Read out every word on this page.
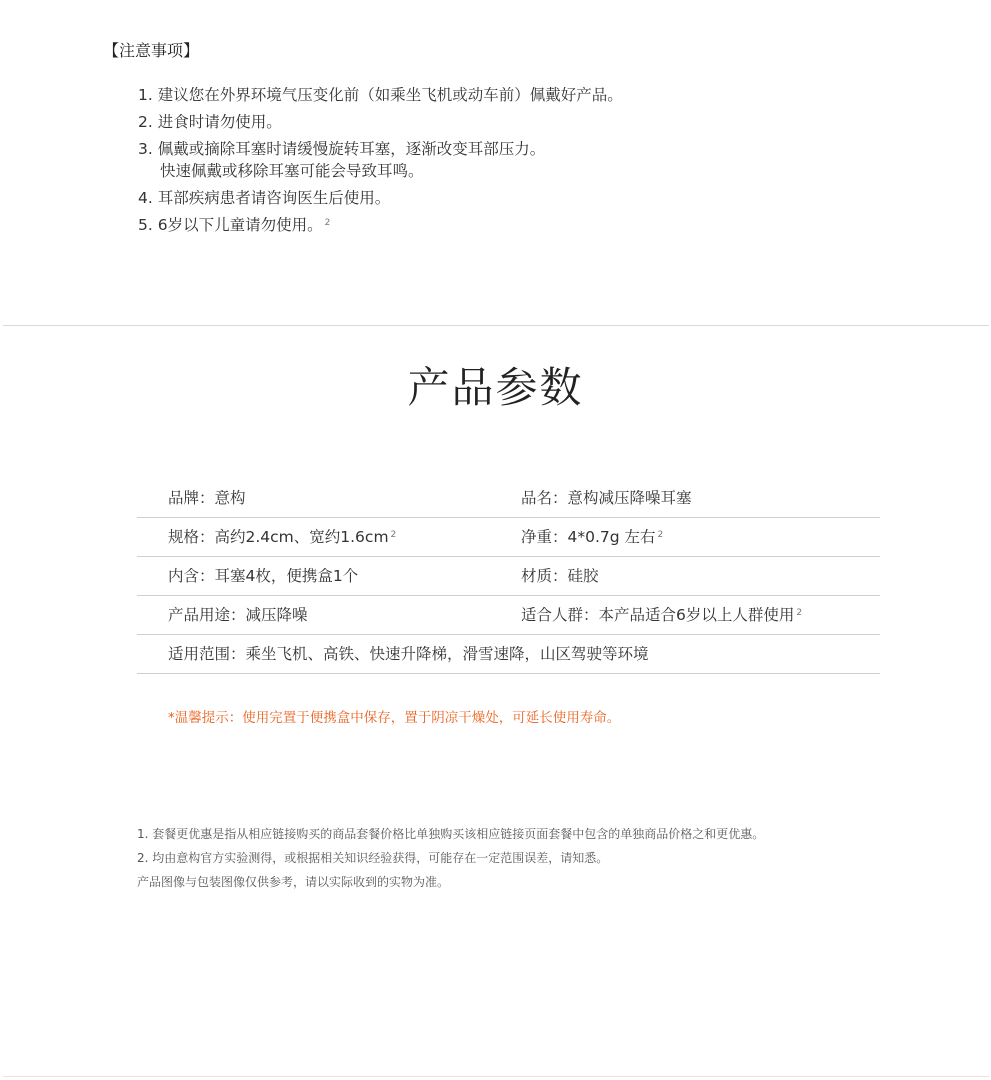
【注意事项】
1. 建议您在外界环境气压变化前（如乘坐飞机或动车前）佩戴好产品。
2. 进食时请勿使用。
3. 佩戴或摘除耳塞时请缓慢旋转耳塞，逐渐改变耳部压力。
快速佩戴或移除耳塞可能会导致耳鸣。
4. 耳部疾病患者请咨询医生后使用。
5. 6岁以下儿童请勿使用。 $^2$
产品参数
品牌：意构	品名：意构减压降噪耳塞
规格：高约2.4cm、宽约1.6cm $^2$	净重：4*0.7g 左右 $^2$
内含：耳塞4枚，便携盒1个	材质：硅胶
产品用途：减压降噪	适合人群：本产品适合6岁以上人群使用 $^2$
适用范围：乘坐飞机、高铁、快速升降梯，滑雪速降，山区驾驶等环境
*温馨提示：使用完置于便携盒中保存，置于阴凉干燥处，可延长使用寿命。
1. 套餐更优惠是指从相应链接购买的商品套餐价格比单独购买该相应链接页面套餐中包含的单独商品价格之和更优惠。
2. 均由意构官方实验测得，或根据相关知识经验获得，可能存在一定范围误差，请知悉。
产品图像与包装图像仅供参考，请以实际收到的实物为准。
